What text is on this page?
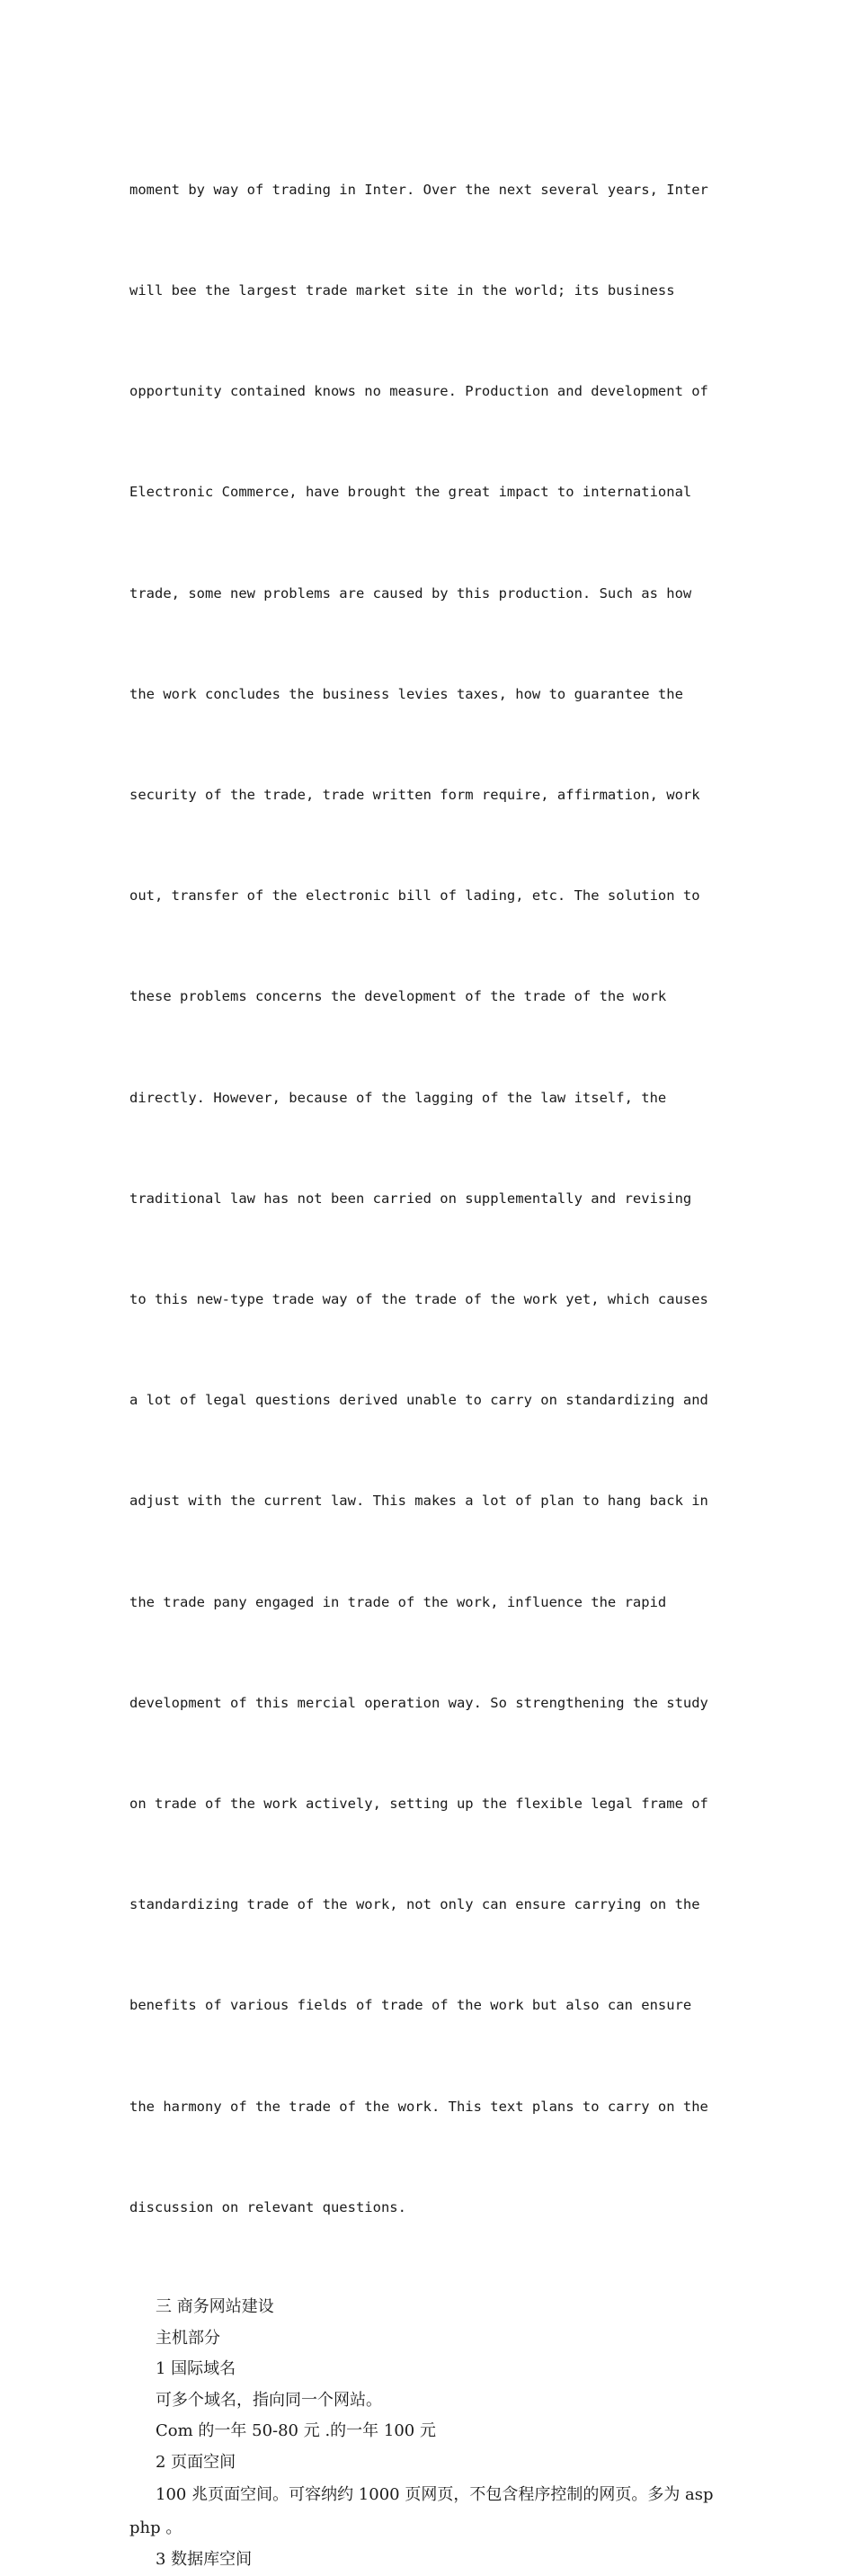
moment by way of trading in Inter. Over the next several years, Inter

will bee the largest trade market site in the world; its business

opportunity contained knows no measure. Production and development of

Electronic Commerce, have brought the great impact to international

trade, some new problems are caused by this production. Such as how

the work concludes the business levies taxes, how to guarantee the

security of the trade, trade written form require, affirmation, work

out, transfer of the electronic bill of lading, etc. The solution to

these problems concerns the development of the trade of the work

directly. However, because of the lagging of the law itself, the

traditional law has not been carried on supplementally and revising

to this new-type trade way of the trade of the work yet, which causes

a lot of legal questions derived unable to carry on standardizing and

adjust with the current law. This makes a lot of plan to hang back in

the trade pany engaged in trade of the work, influence the rapid

development of this mercial operation way. So strengthening the study

on trade of the work actively, setting up the flexible legal frame of

standardizing trade of the work, not only can ensure carrying on the

benefits of various fields of trade of the work but also can ensure

the harmony of the trade of the work. This text plans to carry on the

discussion on relevant questions.

三 商务网站建设
主机部分
1 国际域名
可多个域名，指向同一个网站。
Com 的一年 50-80 元 .的一年 100 元
2 页面空间
100 兆页面空间。可容纳约 1000 页网页，不包含程序控制的网页。多为 asp
php 。
3 数据库空间
